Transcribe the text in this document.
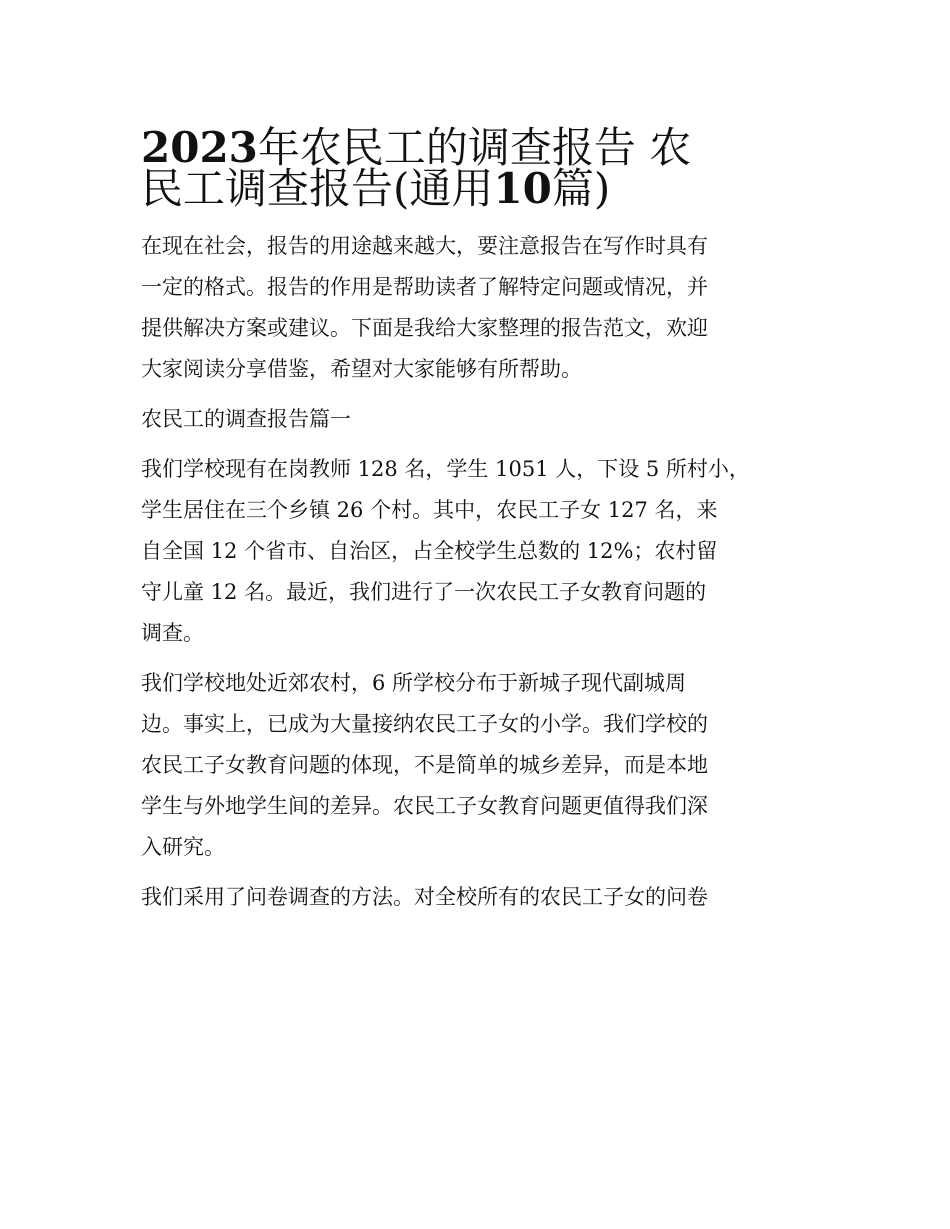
2023年农民工的调查报告 农
民工调查报告(通用10篇)
在现在社会，报告的用途越来越大，要注意报告在写作时具有
一定的格式。报告的作用是帮助读者了解特定问题或情况，并
提供解决方案或建议。下面是我给大家整理的报告范文，欢迎
大家阅读分享借鉴，希望对大家能够有所帮助。
农民工的调查报告篇一
我们学校现有在岗教师 128 名，学生 1051 人，下设 5 所村小，
学生居住在三个乡镇 26 个村。其中，农民工子女 127 名，来
自全国 12 个省市、自治区，占全校学生总数的 12%；农村留
守儿童 12 名。最近，我们进行了一次农民工子女教育问题的
调查。
我们学校地处近郊农村，6 所学校分布于新城子现代副城周
边。事实上，已成为大量接纳农民工子女的小学。我们学校的
农民工子女教育问题的体现，不是简单的城乡差异，而是本地
学生与外地学生间的差异。农民工子女教育问题更值得我们深
入研究。
我们采用了问卷调查的方法。对全校所有的农民工子女的问卷
